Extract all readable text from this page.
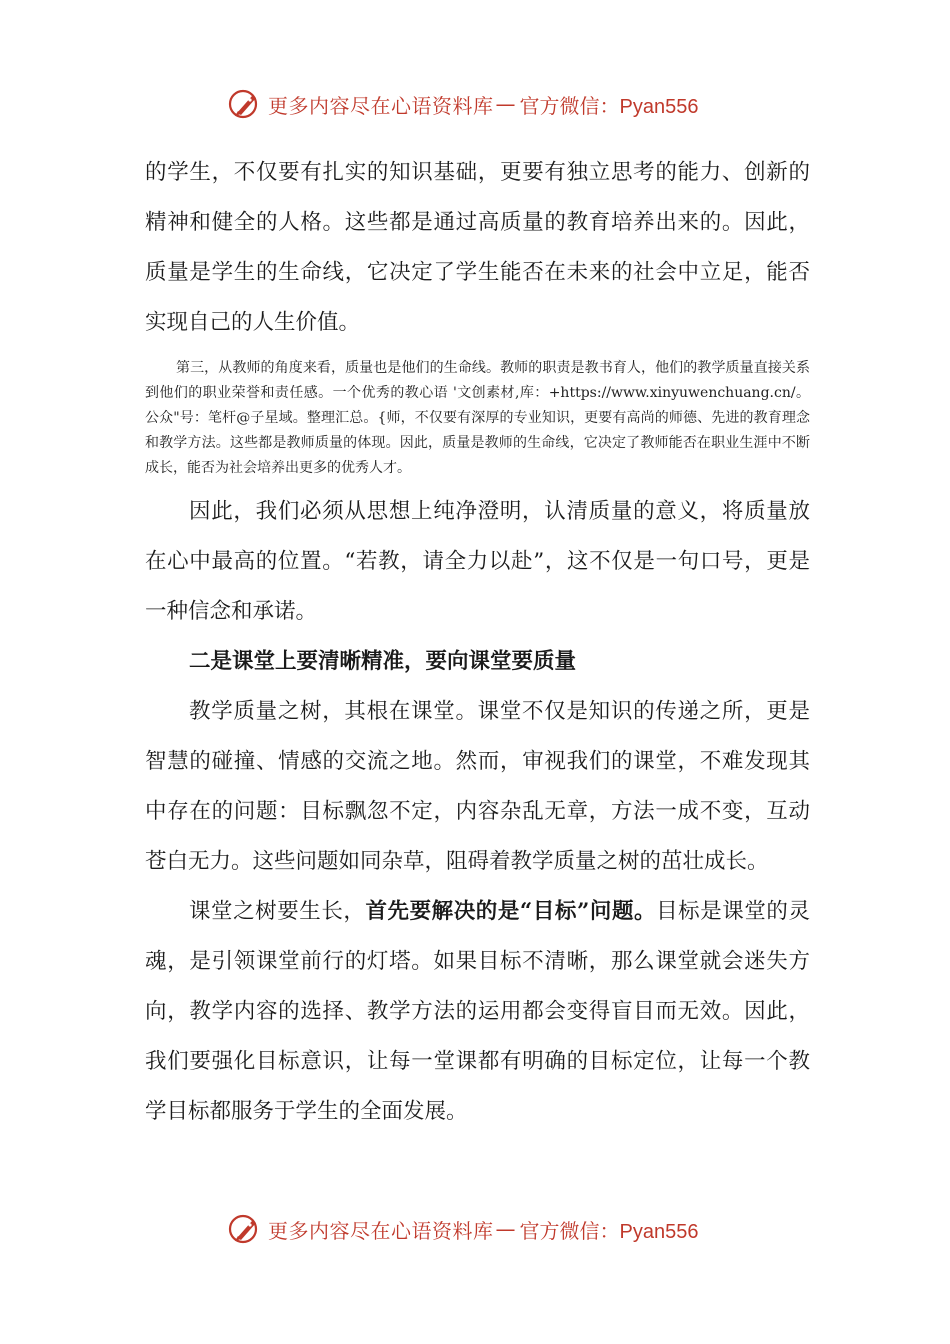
更多内容尽在心语资料库 — 官方微信：Pyan556

的学生，不仅要有扎实的知识基础，更要有独立思考的能力、创新的精神和健全的人格。这些都是通过高质量的教育培养出来的。因此，质量是学生的生命线，它决定了学生能否在未来的社会中立足，能否实现自己的人生价值。

第三，从教师的角度来看，质量也是他们的生命线。教师的职责是教书育人，他们的教学质量直接关系到他们的职业荣誉和责任感。一个优秀的教心语 '文创素材,库：+https://www.xinyuwenchuang.cn/。公众"号：笔杆@子星域。整理汇总。{师，不仅要有深厚的专业知识，更要有高尚的师德、先进的教育理念和教学方法。这些都是教师质量的体现。因此，质量是教师的生命线，它决定了教师能否在职业生涯中不断成长，能否为社会培养出更多的优秀人才。

因此，我们必须从思想上纯净澄明，认清质量的意义，将质量放在心中最高的位置。“若教，请全力以赴”，这不仅是一句口号，更是一种信念和承诺。

二是课堂上要清晰精准，要向课堂要质量

教学质量之树，其根在课堂。课堂不仅是知识的传递之所，更是智慧的碰撞、情感的交流之地。然而，审视我们的课堂，不难发现其中存在的问题：目标飘忽不定，内容杂乱无章，方法一成不变，互动苍白无力。这些问题如同杂草，阻碍着教学质量之树的茁壮成长。

课堂之树要生长，首先要解决的是“目标”问题。目标是课堂的灵魂，是引领课堂前行的灯塔。如果目标不清晰，那么课堂就会迷失方向，教学内容的选择、教学方法的运用都会变得盲目而无效。因此，我们要强化目标意识，让每一堂课都有明确的目标定位，让每一个教学目标都服务于学生的全面发展。

更多内容尽在心语资料库 — 官方微信：Pyan556
